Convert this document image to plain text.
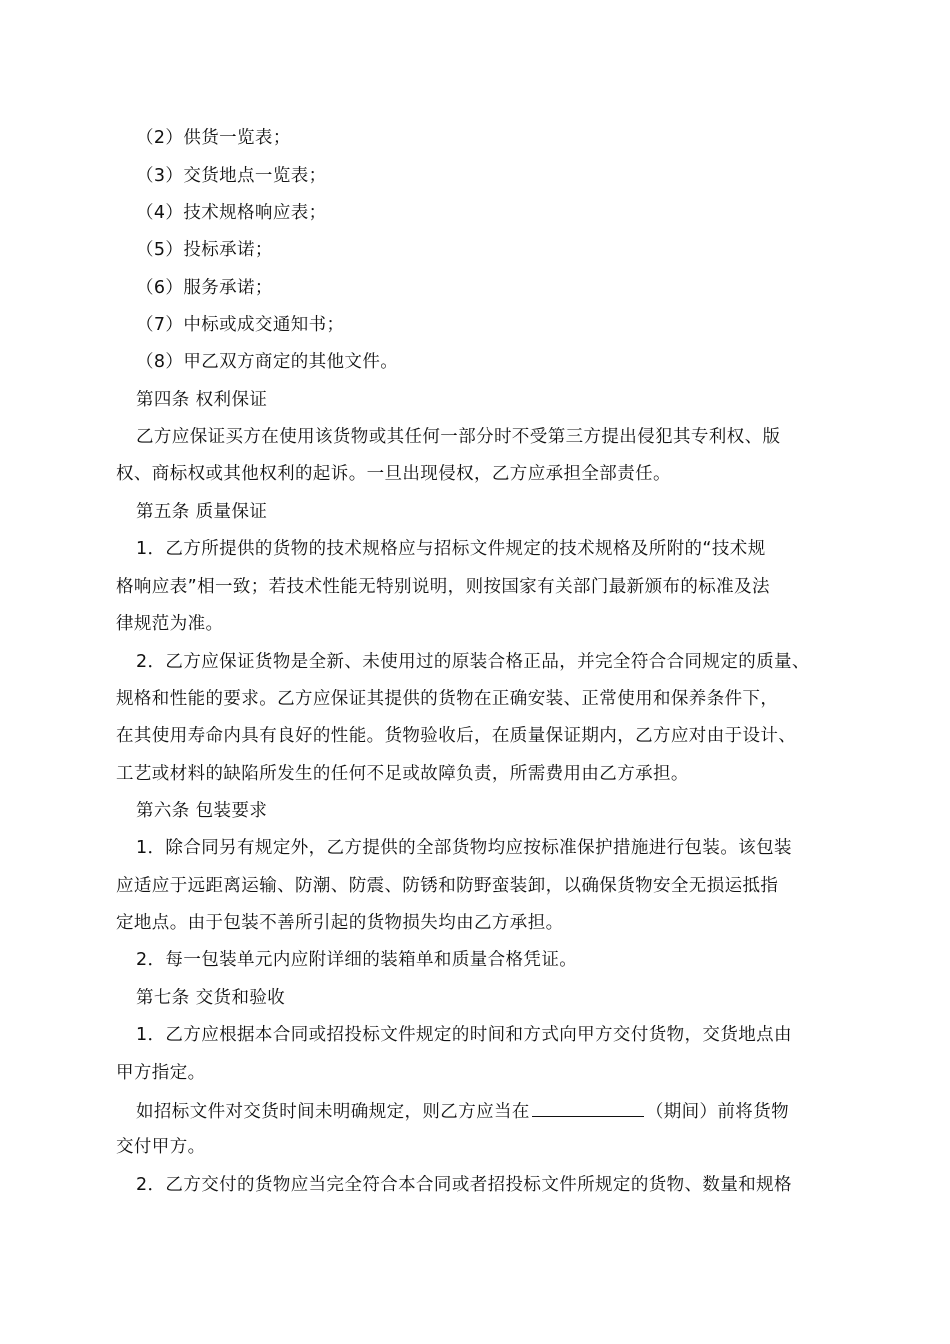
（2）供货一览表；
（3）交货地点一览表；
（4）技术规格响应表；
（5）投标承诺；
（6）服务承诺；
（7）中标或成交通知书；
（8）甲乙双方商定的其他文件。
第四条 权利保证
乙方应保证买方在使用该货物或其任何一部分时不受第三方提出侵犯其专利权、版
权、商标权或其他权利的起诉。一旦出现侵权，乙方应承担全部责任。
第五条 质量保证
1．乙方所提供的货物的技术规格应与招标文件规定的技术规格及所附的“技术规
格响应表”相一致；若技术性能无特别说明，则按国家有关部门最新颁布的标准及法
律规范为准。
2．乙方应保证货物是全新、未使用过的原装合格正品，并完全符合合同规定的质量、
规格和性能的要求。乙方应保证其提供的货物在正确安装、正常使用和保养条件下，
在其使用寿命内具有良好的性能。货物验收后，在质量保证期内，乙方应对由于设计、
工艺或材料的缺陷所发生的任何不足或故障负责，所需费用由乙方承担。
第六条 包装要求
1．除合同另有规定外，乙方提供的全部货物均应按标准保护措施进行包装。该包装
应适应于远距离运输、防潮、防震、防锈和防野蛮装卸，以确保货物安全无损运抵指
定地点。由于包装不善所引起的货物损失均由乙方承担。
2．每一包装单元内应附详细的装箱单和质量合格凭证。
第七条 交货和验收
1．乙方应根据本合同或招投标文件规定的时间和方式向甲方交付货物，交货地点由
甲方指定。
如招标文件对交货时间未明确规定，则乙方应当在	（期间）前将货物
交付甲方。
2．乙方交付的货物应当完全符合本合同或者招投标文件所规定的货物、数量和规格
